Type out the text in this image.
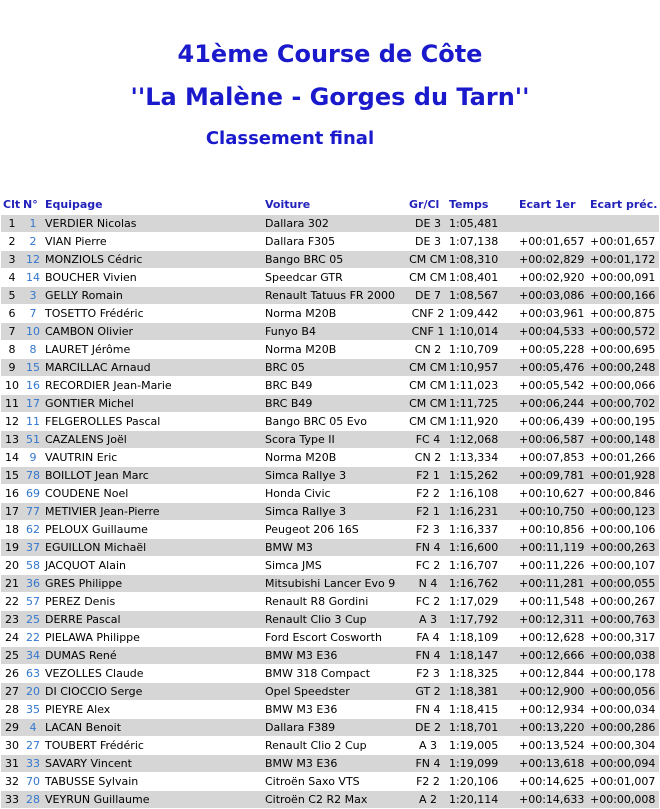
41ème Course de Côte
''La Malène - Gorges du Tarn''
Classement final
Clt	N°	Equipage	Voiture	Gr/Cl	Temps	Ecart 1er	Ecart préc.
1	1	VERDIER Nicolas	Dallara 302	DE 3	1:05,481		
2	2	VIAN Pierre	Dallara F305	DE 3	1:07,138	+00:01,657	+00:01,657
3	12	MONZIOLS Cédric	Bango BRC 05	CM CM	1:08,310	+00:02,829	+00:01,172
4	14	BOUCHER Vivien	Speedcar GTR	CM CM	1:08,401	+00:02,920	+00:00,091
5	3	GELLY Romain	Renault Tatuus FR 2000	DE 7	1:08,567	+00:03,086	+00:00,166
6	7	TOSETTO Frédéric	Norma M20B	CNF 2	1:09,442	+00:03,961	+00:00,875
7	10	CAMBON Olivier	Funyo B4	CNF 1	1:10,014	+00:04,533	+00:00,572
8	8	LAURET Jérôme	Norma M20B	CN 2	1:10,709	+00:05,228	+00:00,695
9	15	MARCILLAC Arnaud	BRC 05	CM CM	1:10,957	+00:05,476	+00:00,248
10	16	RECORDIER Jean-Marie	BRC B49	CM CM	1:11,023	+00:05,542	+00:00,066
11	17	GONTIER Michel	BRC B49	CM CM	1:11,725	+00:06,244	+00:00,702
12	11	FELGEROLLES Pascal	Bango BRC 05 Evo	CM CM	1:11,920	+00:06,439	+00:00,195
13	51	CAZALENS Joël	Scora Type II	FC 4	1:12,068	+00:06,587	+00:00,148
14	9	VAUTRIN Eric	Norma M20B	CN 2	1:13,334	+00:07,853	+00:01,266
15	78	BOILLOT Jean Marc	Simca Rallye 3	F2 1	1:15,262	+00:09,781	+00:01,928
16	69	COUDENE Noel	Honda Civic	F2 2	1:16,108	+00:10,627	+00:00,846
17	77	METIVIER Jean-Pierre	Simca Rallye 3	F2 1	1:16,231	+00:10,750	+00:00,123
18	62	PELOUX Guillaume	Peugeot 206 16S	F2 3	1:16,337	+00:10,856	+00:00,106
19	37	EGUILLON Michaël	BMW M3	FN 4	1:16,600	+00:11,119	+00:00,263
20	58	JACQUOT Alain	Simca JMS	FC 2	1:16,707	+00:11,226	+00:00,107
21	36	GRES Philippe	Mitsubishi Lancer Evo 9	N 4	1:16,762	+00:11,281	+00:00,055
22	57	PEREZ Denis	Renault R8 Gordini	FC 2	1:17,029	+00:11,548	+00:00,267
23	25	DERRE Pascal	Renault Clio 3 Cup	A 3	1:17,792	+00:12,311	+00:00,763
24	22	PIELAWA Philippe	Ford Escort Cosworth	FA 4	1:18,109	+00:12,628	+00:00,317
25	34	DUMAS René	BMW M3 E36	FN 4	1:18,147	+00:12,666	+00:00,038
26	63	VEZOLLES Claude	BMW 318 Compact	F2 3	1:18,325	+00:12,844	+00:00,178
27	20	DI CIOCCIO Serge	Opel Speedster	GT 2	1:18,381	+00:12,900	+00:00,056
28	35	PIEYRE Alex	BMW M3 E36	FN 4	1:18,415	+00:12,934	+00:00,034
29	4	LACAN Benoit	Dallara F389	DE 2	1:18,701	+00:13,220	+00:00,286
30	27	TOUBERT Frédéric	Renault Clio 2 Cup	A 3	1:19,005	+00:13,524	+00:00,304
31	33	SAVARY Vincent	BMW M3 E36	FN 4	1:19,099	+00:13,618	+00:00,094
32	70	TABUSSE Sylvain	Citroën Saxo VTS	F2 2	1:20,106	+00:14,625	+00:01,007
33	28	VEYRUN Guillaume	Citroën C2 R2 Max	A 2	1:20,114	+00:14,633	+00:00,008
